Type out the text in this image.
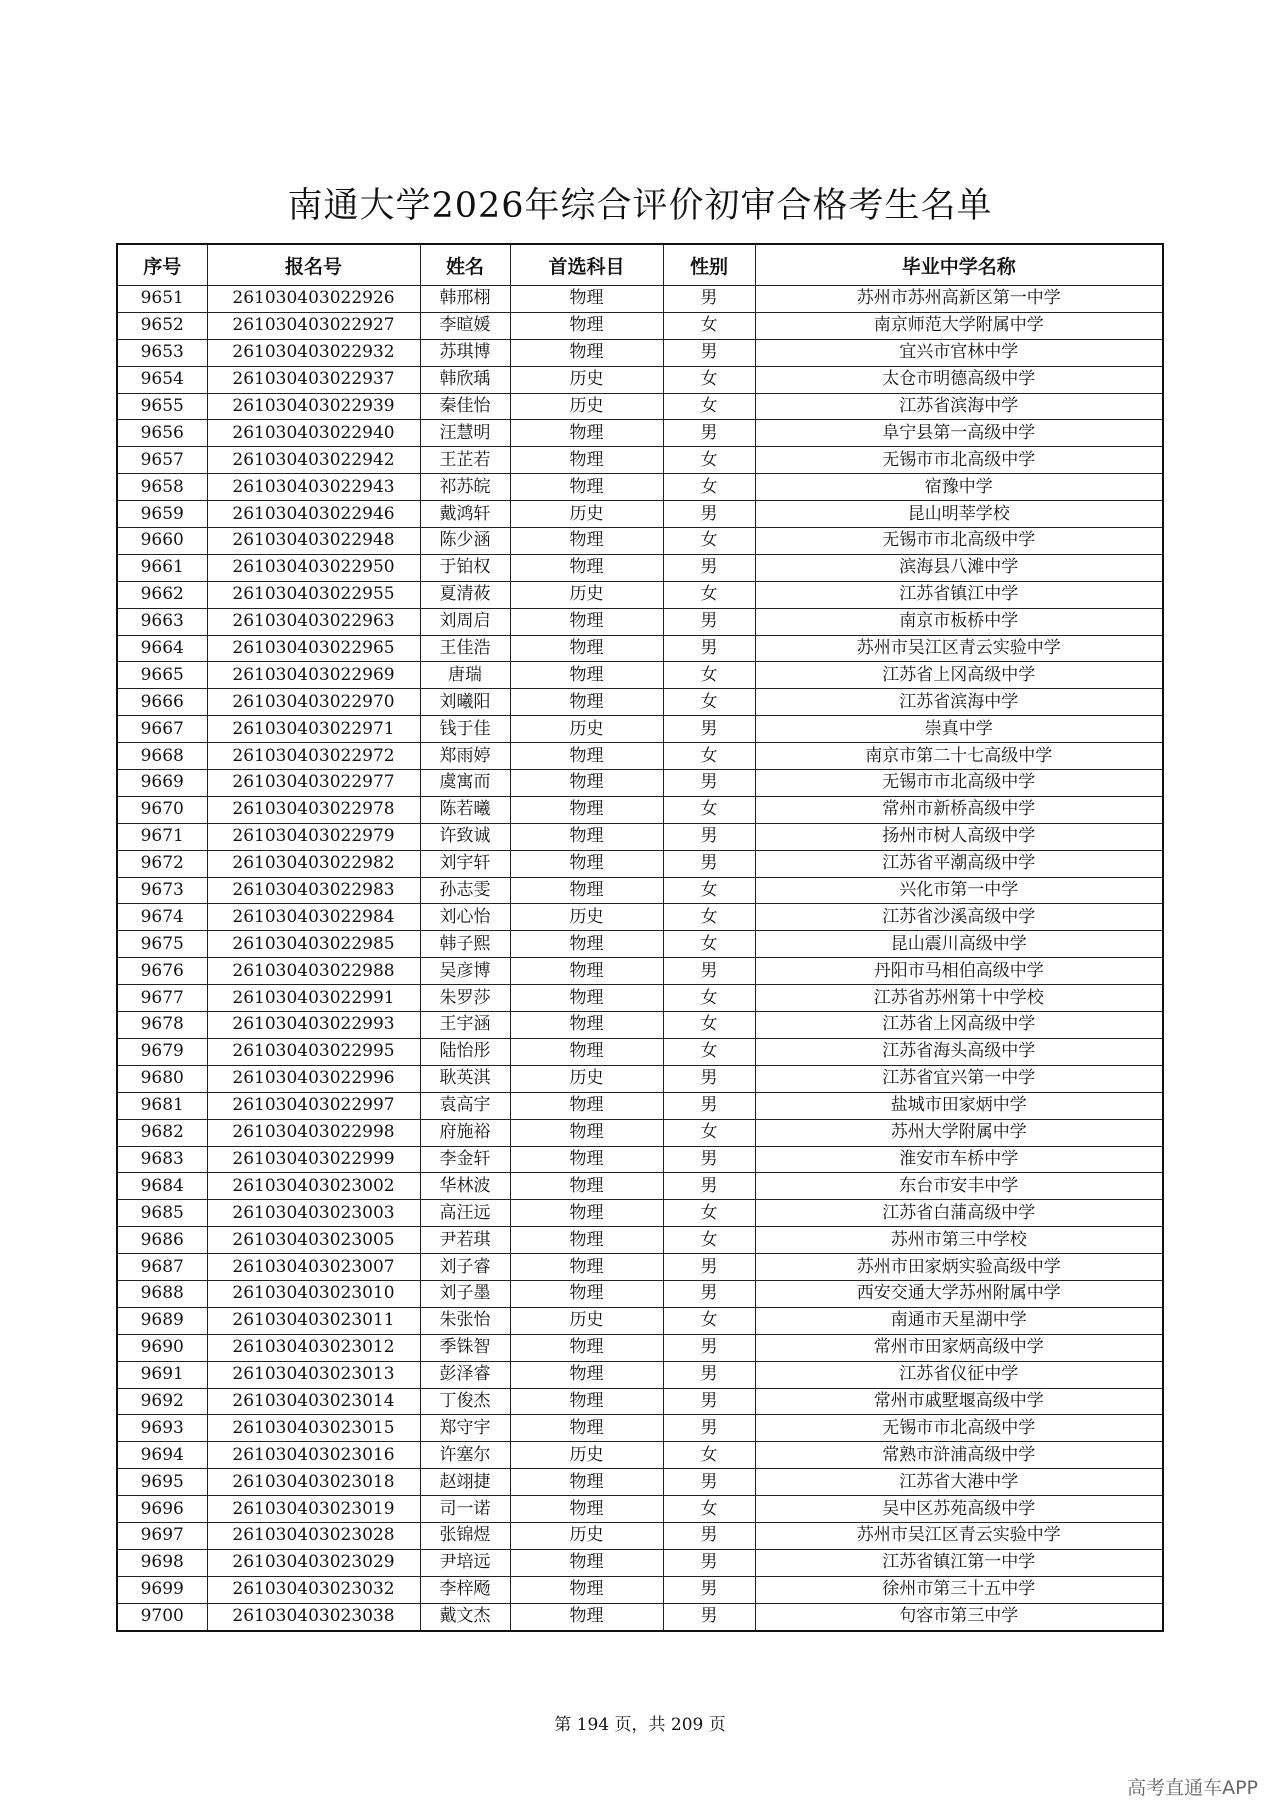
南通大学2026年综合评价初审合格考生名单
序号	报名号	姓名	首选科目	性别	毕业中学名称
9651	261030403022926	韩邢栩	物理	男	苏州市苏州高新区第一中学
9652	261030403022927	李暄媛	物理	女	南京师范大学附属中学
9653	261030403022932	苏琪博	物理	男	宜兴市官林中学
9654	261030403022937	韩欣瑀	历史	女	太仓市明德高级中学
9655	261030403022939	秦佳怡	历史	女	江苏省滨海中学
9656	261030403022940	汪慧明	物理	男	阜宁县第一高级中学
9657	261030403022942	王芷若	物理	女	无锡市市北高级中学
9658	261030403022943	祁苏皖	物理	女	宿豫中学
9659	261030403022946	戴鸿轩	历史	男	昆山明莘学校
9660	261030403022948	陈少涵	物理	女	无锡市市北高级中学
9661	261030403022950	于铂权	物理	男	滨海县八滩中学
9662	261030403022955	夏清莜	历史	女	江苏省镇江中学
9663	261030403022963	刘周启	物理	男	南京市板桥中学
9664	261030403022965	王佳浩	物理	男	苏州市吴江区青云实验中学
9665	261030403022969	唐瑞	物理	女	江苏省上冈高级中学
9666	261030403022970	刘曦阳	物理	女	江苏省滨海中学
9667	261030403022971	钱于佳	历史	男	崇真中学
9668	261030403022972	郑雨婷	物理	女	南京市第二十七高级中学
9669	261030403022977	虞寓而	物理	男	无锡市市北高级中学
9670	261030403022978	陈若曦	物理	女	常州市新桥高级中学
9671	261030403022979	许致诚	物理	男	扬州市树人高级中学
9672	261030403022982	刘宇轩	物理	男	江苏省平潮高级中学
9673	261030403022983	孙志雯	物理	女	兴化市第一中学
9674	261030403022984	刘心怡	历史	女	江苏省沙溪高级中学
9675	261030403022985	韩子熙	物理	女	昆山震川高级中学
9676	261030403022988	吴彦博	物理	男	丹阳市马相伯高级中学
9677	261030403022991	朱罗莎	物理	女	江苏省苏州第十中学校
9678	261030403022993	王宇涵	物理	女	江苏省上冈高级中学
9679	261030403022995	陆怡彤	物理	女	江苏省海头高级中学
9680	261030403022996	耿英淇	历史	男	江苏省宜兴第一中学
9681	261030403022997	袁高宇	物理	男	盐城市田家炳中学
9682	261030403022998	府施裕	物理	女	苏州大学附属中学
9683	261030403022999	李金轩	物理	男	淮安市车桥中学
9684	261030403023002	华林波	物理	男	东台市安丰中学
9685	261030403023003	高汪远	物理	女	江苏省白蒲高级中学
9686	261030403023005	尹若琪	物理	女	苏州市第三中学校
9687	261030403023007	刘子睿	物理	男	苏州市田家炳实验高级中学
9688	261030403023010	刘子墨	物理	男	西安交通大学苏州附属中学
9689	261030403023011	朱张怡	历史	女	南通市天星湖中学
9690	261030403023012	季铢智	物理	男	常州市田家炳高级中学
9691	261030403023013	彭泽睿	物理	男	江苏省仪征中学
9692	261030403023014	丁俊杰	物理	男	常州市戚墅堰高级中学
9693	261030403023015	郑守宇	物理	男	无锡市市北高级中学
9694	261030403023016	许塞尔	历史	女	常熟市浒浦高级中学
9695	261030403023018	赵翊捷	物理	男	江苏省大港中学
9696	261030403023019	司一诺	物理	女	吴中区苏苑高级中学
9697	261030403023028	张锦煜	历史	男	苏州市吴江区青云实验中学
9698	261030403023029	尹培远	物理	男	江苏省镇江第一中学
9699	261030403023032	李梓飏	物理	男	徐州市第三十五中学
9700	261030403023038	戴文杰	物理	男	句容市第三中学
第 194 页，共 209 页
高考直通车APP
